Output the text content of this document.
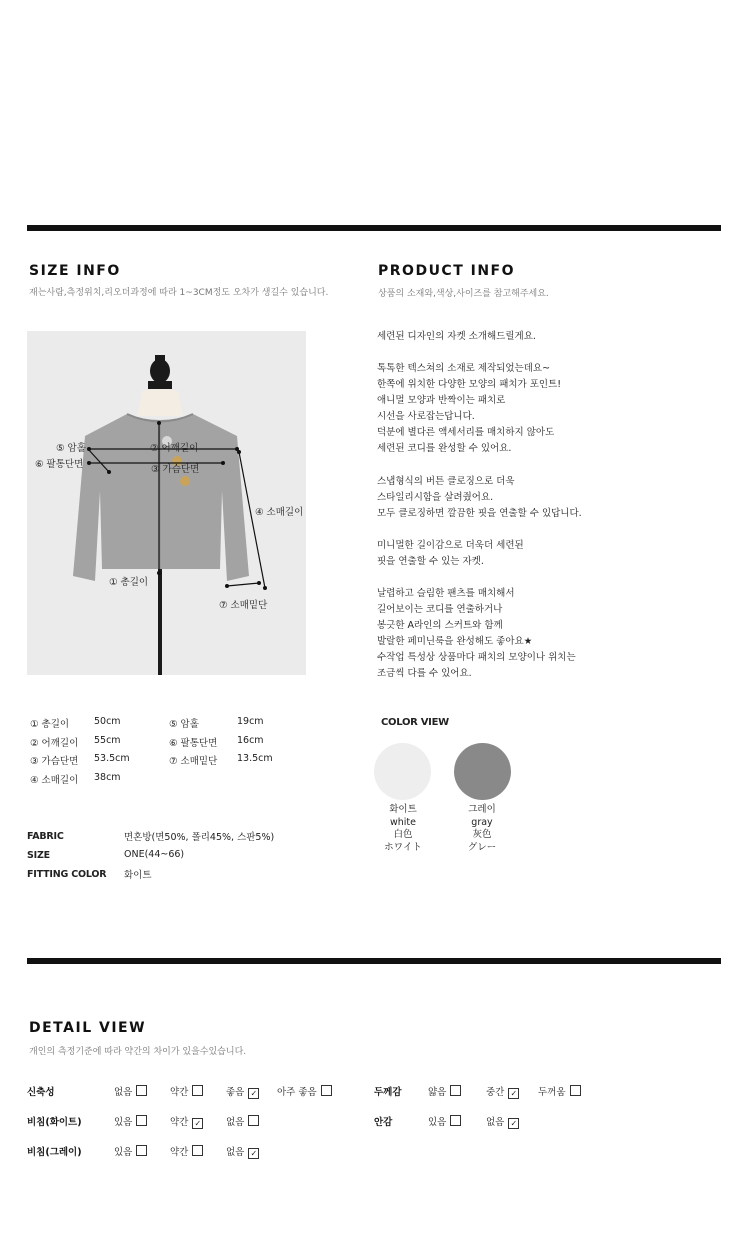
SIZE INFO
재는사람,측정위치,리오더과정에 따라 1~3CM정도 오차가 생길수 있습니다.
② 어깨길이
③ 가슴단면
⑤ 암홀
⑥ 팔통단면
④ 소매길이
① 총길이
⑦ 소매밑단
① 총길이	50cm
② 어깨길이 55cm
③ 가슴단면 53.5cm
④ 소매길이 38cm
⑤ 암홀	19cm
⑥ 팔통단면 16cm
⑦ 소매밑단 13.5cm
PRODUCT INFO
상품의 소재와,색상,사이즈를 참고해주세요.
세련된 디자인의 자켓 소개해드릴게요.
톡톡한 텍스쳐의 소재로 제작되었는데요~
한쪽에 위치한 다양한 모양의 패치가 포인트!
애니멀 모양과 반짝이는 패치로
시선을 사로잡는답니다.
덕분에 별다른 액세서리를 매치하지 않아도
세련된 코디를 완성할 수 있어요.
스냅형식의 버튼 클로징으로 더욱
스타일리시함을 살려줬어요.
모두 클로징하면 깔끔한 핏을 연출할 수 있답니다.
미니멀한 길이감으로 더욱더 세련된
핏을 연출할 수 있는 자켓.
날렵하고 슬림한 팬츠를 매치해서
길어보이는 코디를 연출하거나
봉긋한 A라인의 스커트와 함께
발랄한 페미닌룩을 완성해도 좋아요★
수작업 특성상 상품마다 패치의 모양이나 위치는
조금씩 다를 수 있어요.
COLOR VIEW
화이트
white
白色
ホワイト
그레이
gray
灰色
グレー
FABRIC	면혼방(면50%, 폴리45%, 스판5%)
SIZE	ONE(44~66)
FITTING COLOR 화이트
DETAIL VIEW
개인의 측정기준에 따라 약간의 차이가 있을수있습니다.
신축성	없음	약간	좋음 ✓ 아주 좋음
비침(화이트)	있음	약간 ✓	없음
비침(그레이)	있음	약간	없음 ✓
두께감	얇음	중간 ✓ 두꺼움
안감	있음	없음 ✓
